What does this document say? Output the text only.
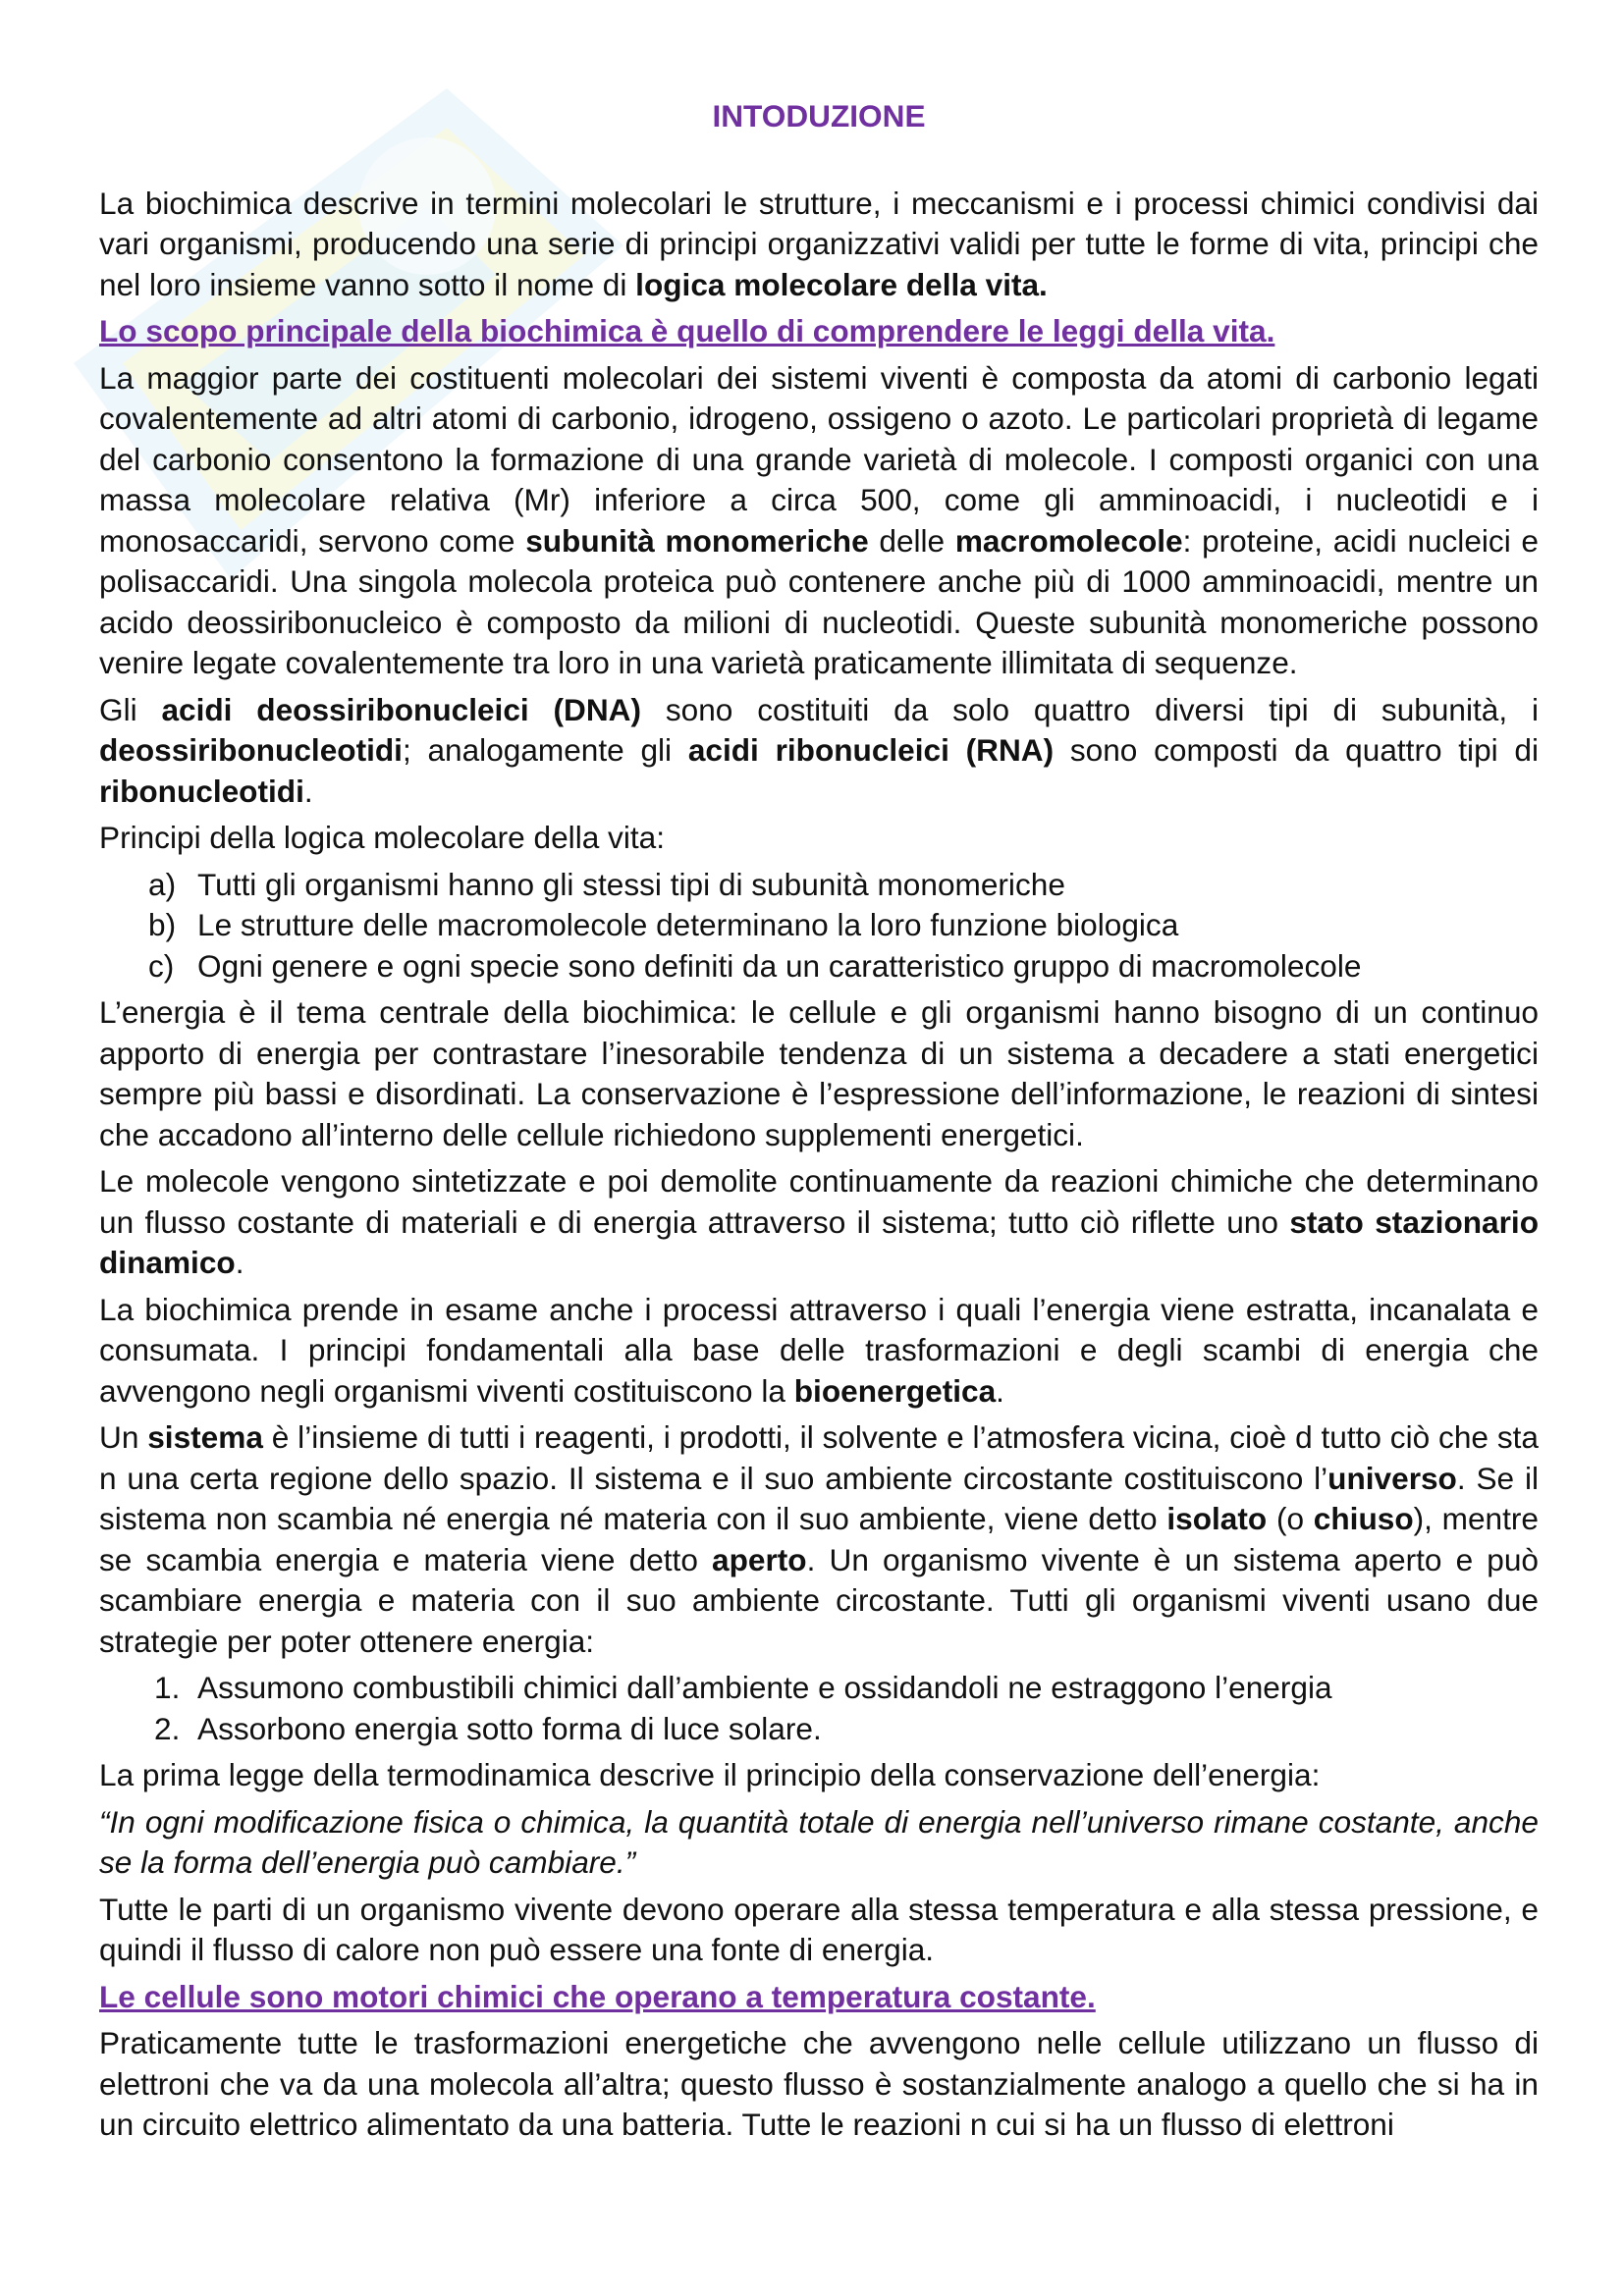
INTODUZIONE

La biochimica descrive in termini molecolari le strutture, i meccanismi e i processi chimici condivisi dai vari organismi, producendo una serie di principi organizzativi validi per tutte le forme di vita, principi che nel loro insieme vanno sotto il nome di logica molecolare della vita.

Lo scopo principale della biochimica è quello di comprendere le leggi della vita.

La maggior parte dei costituenti molecolari dei sistemi viventi è composta da atomi di carbonio legati covalentemente ad altri atomi di carbonio, idrogeno, ossigeno o azoto. Le particolari proprietà di legame del carbonio consentono la formazione di una grande varietà di molecole. I composti organici con una massa molecolare relativa (Mr) inferiore a circa 500, come gli amminoacidi, i nucleotidi e i monosaccaridi, servono come subunità monomeriche delle macromolecole: proteine, acidi nucleici e polisaccaridi. Una singola molecola proteica può contenere anche più di 1000 amminoacidi, mentre un acido deossiribonucleico è composto da milioni di nucleotidi. Queste subunità monomeriche possono venire legate covalentemente tra loro in una varietà praticamente illimitata di sequenze.

Gli acidi deossiribonucleici (DNA) sono costituiti da solo quattro diversi tipi di subunità, i deossiribonucleotidi; analogamente gli acidi ribonucleici (RNA) sono composti da quattro tipi di ribonucleotidi.

Principi della logica molecolare della vita:

a) Tutti gli organismi hanno gli stessi tipi di subunità monomeriche
b) Le strutture delle macromolecole determinano la loro funzione biologica
c) Ogni genere e ogni specie sono definiti da un caratteristico gruppo di macromolecole

L’energia è il tema centrale della biochimica: le cellule e gli organismi hanno bisogno di un continuo apporto di energia per contrastare l’inesorabile tendenza di un sistema a decadere a stati energetici sempre più bassi e disordinati. La conservazione è l’espressione dell’informazione, le reazioni di sintesi che accadono all’interno delle cellule richiedono supplementi energetici.

Le molecole vengono sintetizzate e poi demolite continuamente da reazioni chimiche che determinano un flusso costante di materiali e di energia attraverso il sistema; tutto ciò riflette uno stato stazionario dinamico.

La biochimica prende in esame anche i processi attraverso i quali l’energia viene estratta, incanalata e consumata. I principi fondamentali alla base delle trasformazioni e degli scambi di energia che avvengono negli organismi viventi costituiscono la bioenergetica.

Un sistema è l’insieme di tutti i reagenti, i prodotti, il solvente e l’atmosfera vicina, cioè d tutto ciò che sta n una certa regione dello spazio. Il sistema e il suo ambiente circostante costituiscono l’universo. Se il sistema non scambia né energia né materia con il suo ambiente, viene detto isolato (o chiuso), mentre se scambia energia e materia viene detto aperto. Un organismo vivente è un sistema aperto e può scambiare energia e materia con il suo ambiente circostante. Tutti gli organismi viventi usano due strategie per poter ottenere energia:

1. Assumono combustibili chimici dall’ambiente e ossidandoli ne estraggono l’energia
2. Assorbono energia sotto forma di luce solare.

La prima legge della termodinamica descrive il principio della conservazione dell’energia:

“In ogni modificazione fisica o chimica, la quantità totale di energia nell’universo rimane costante, anche se la forma dell’energia può cambiare.”

Tutte le parti di un organismo vivente devono operare alla stessa temperatura e alla stessa pressione, e quindi il flusso di calore non può essere una fonte di energia.

Le cellule sono motori chimici che operano a temperatura costante.

Praticamente tutte le trasformazioni energetiche che avvengono nelle cellule utilizzano un flusso di elettroni che va da una molecola all’altra; questo flusso è sostanzialmente analogo a quello che si ha in un circuito elettrico alimentato da una batteria. Tutte le reazioni n cui si ha un flusso di elettroni
